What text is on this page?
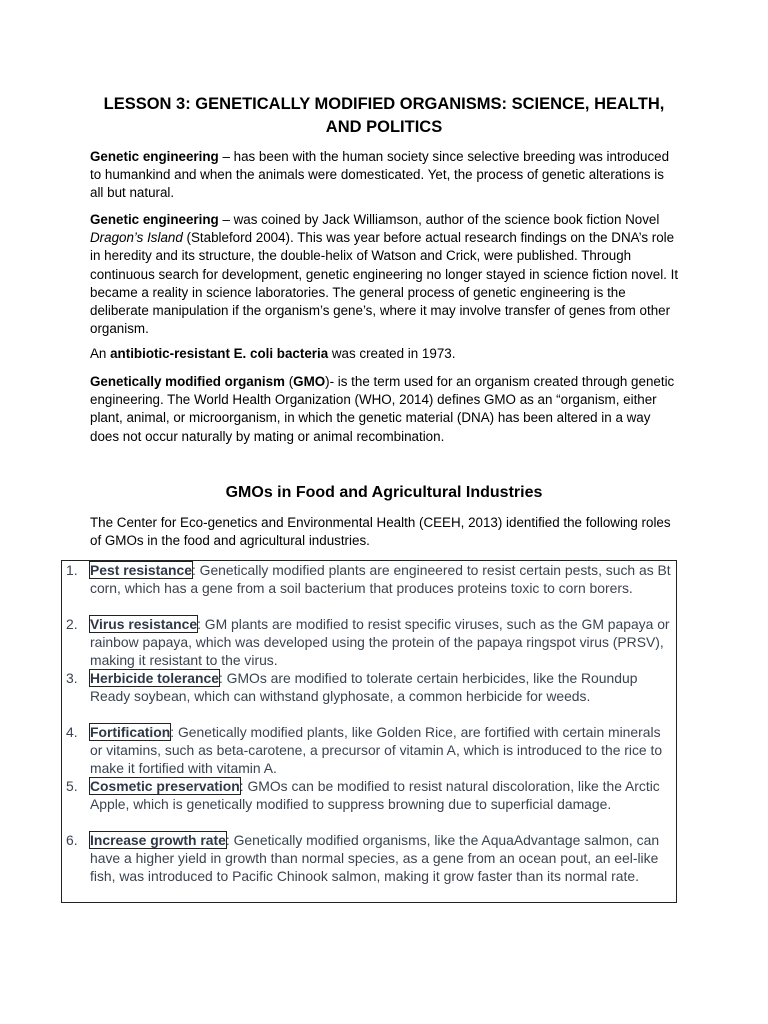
LESSON 3: GENETICALLY MODIFIED ORGANISMS: SCIENCE, HEALTH, AND POLITICS

Genetic engineering – has been with the human society since selective breeding was introduced to humankind and when the animals were domesticated. Yet, the process of genetic alterations is all but natural.

Genetic engineering – was coined by Jack Williamson, author of the science book fiction Novel Dragon’s Island (Stableford 2004). This was year before actual research findings on the DNA’s role in heredity and its structure, the double-helix of Watson and Crick, were published. Through continuous search for development, genetic engineering no longer stayed in science fiction novel. It became a reality in science laboratories. The general process of genetic engineering is the deliberate manipulation if the organism’s gene’s, where it may involve transfer of genes from other organism.

An antibiotic-resistant E. coli bacteria was created in 1973.

Genetically modified organism (GMO)- is the term used for an organism created through genetic engineering. The World Health Organization (WHO, 2014) defines GMO as an “organism, either plant, animal, or microorganism, in which the genetic material (DNA) has been altered in a way does not occur naturally by mating or animal recombination.

GMOs in Food and Agricultural Industries

The Center for Eco-genetics and Environmental Health (CEEH, 2013) identified the following roles of GMOs in the food and agricultural industries.

1. Pest resistance: Genetically modified plants are engineered to resist certain pests, such as Bt corn, which has a gene from a soil bacterium that produces proteins toxic to corn borers.
2. Virus resistance: GM plants are modified to resist specific viruses, such as the GM papaya or rainbow papaya, which was developed using the protein of the papaya ringspot virus (PRSV), making it resistant to the virus.
3. Herbicide tolerance: GMOs are modified to tolerate certain herbicides, like the Roundup Ready soybean, which can withstand glyphosate, a common herbicide for weeds.
4. Fortification: Genetically modified plants, like Golden Rice, are fortified with certain minerals or vitamins, such as beta-carotene, a precursor of vitamin A, which is introduced to the rice to make it fortified with vitamin A.
5. Cosmetic preservation: GMOs can be modified to resist natural discoloration, like the Arctic Apple, which is genetically modified to suppress browning due to superficial damage.
6. Increase growth rate: Genetically modified organisms, like the AquaAdvantage salmon, can have a higher yield in growth than normal species, as a gene from an ocean pout, an eel-like fish, was introduced to Pacific Chinook salmon, making it grow faster than its normal rate.
